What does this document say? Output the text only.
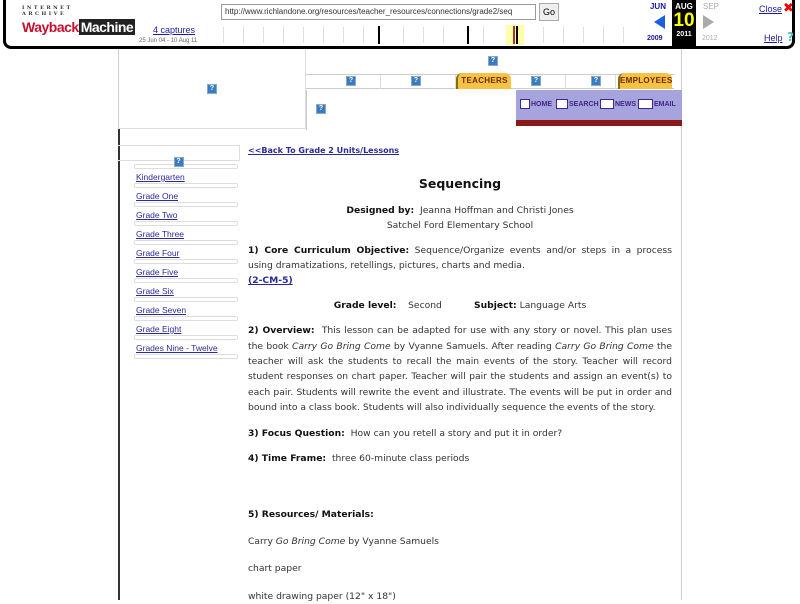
INTERNET ARCHIVE
Wayback Machine
http://www.richlandone.org/resources/teacher_resources/connections/grade2/seq	Go
4 captures
25 Jun 04 - 10 Aug 11
JUN	AUG
10
2011
SEP
2009	2012
Close ✖
Help ?
?
?
?	?	TEACHERS	?	?	EMPLOYEES
?
HOME	SEARCH	NEWS	EMAIL
?
Kindergarten
Grade One
Grade Two
Grade Three
Grade Four
Grade Five
Grade Six
Grade Seven
Grade Eight
Grades Nine - Twelve
<<Back To Grade 2 Units/Lessons
Sequencing
Designed by: Jeanna Hoffman and Christi Jones
Satchel Ford Elementary School
1) Core Curriculum Objective: Sequence/Organize events and/or steps in a process using dramatizations, retellings, pictures, charts and media.
(2-CM-5)
Grade level: Second	Subject: Language Arts
2) Overview: This lesson can be adapted for use with any story or novel. This plan uses the book Carry Go Bring Come by Vyanne Samuels. After reading Carry Go Bring Come the teacher will ask the students to recall the main events of the story. Teacher will record student responses on chart paper. Teacher will pair the students and assign an event(s) to each pair. Students will rewrite the event and illustrate. The events will be put in order and bound into a class book. Students will also individually sequence the events of the story.
3) Focus Question: How can you retell a story and put it in order?
4) Time Frame: three 60-minute class periods
5) Resources/ Materials:
Carry Go Bring Come by Vyanne Samuels
chart paper
white drawing paper (12" x 18")
